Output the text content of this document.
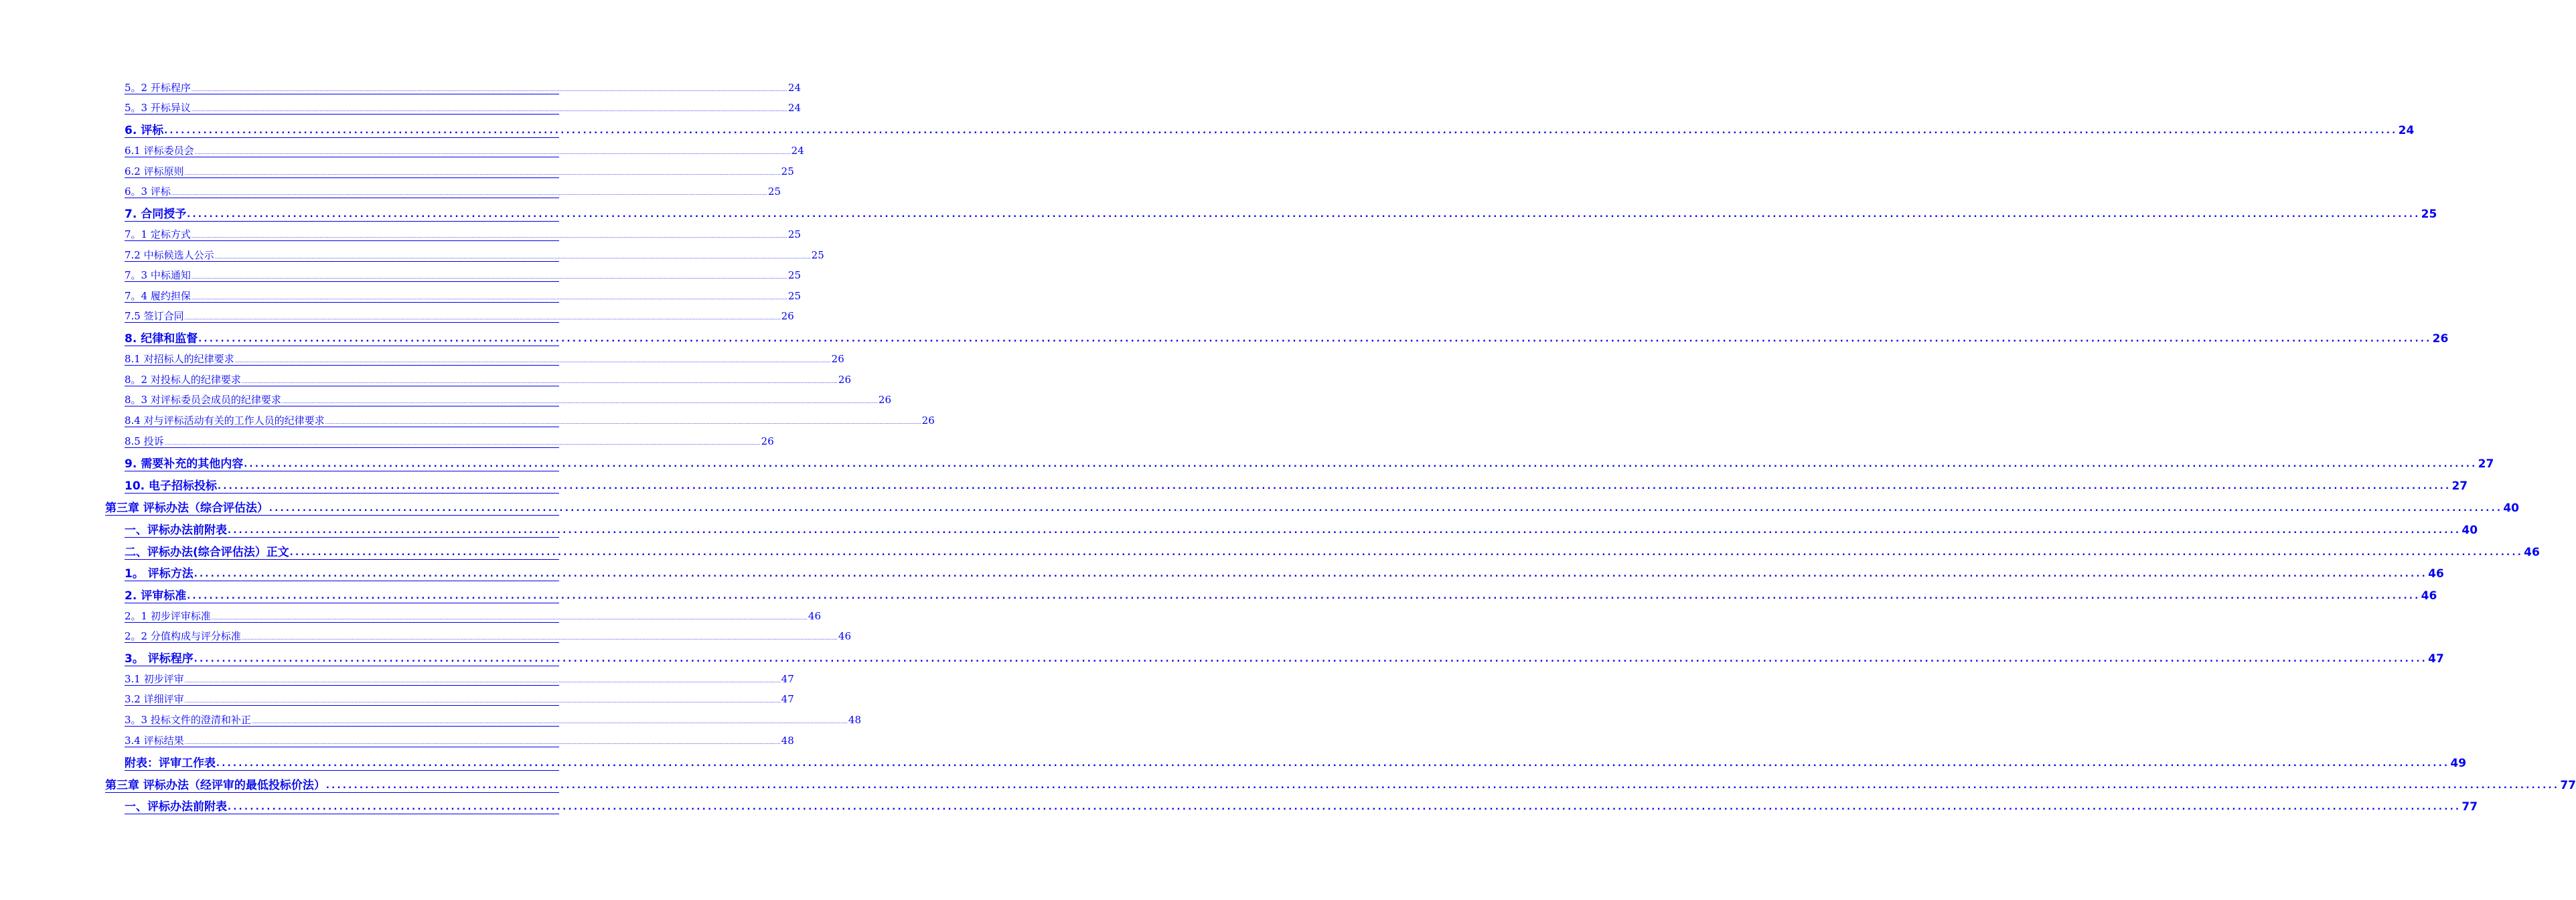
5。2 开标程序 ................................................................................................................................................................................................................................................................................................................................................................................................................ 24
5。3 开标异议 ................................................................................................................................................................................................................................................................................................................................................................................................................ 24
6. 评标 ................................................................................................................................................................................................................................................................................................................................................................................................................ 24
6.1 评标委员会 ................................................................................................................................................................................................................................................................................................................................................................................................................ 24
6.2 评标原则 ................................................................................................................................................................................................................................................................................................................................................................................................................ 25
6。3 评标 ................................................................................................................................................................................................................................................................................................................................................................................................................ 25
7. 合同授予 ................................................................................................................................................................................................................................................................................................................................................................................................................ 25
7。1 定标方式 ................................................................................................................................................................................................................................................................................................................................................................................................................ 25
7.2 中标候选人公示 ................................................................................................................................................................................................................................................................................................................................................................................................................ 25
7。3 中标通知 ................................................................................................................................................................................................................................................................................................................................................................................................................ 25
7。4 履约担保 ................................................................................................................................................................................................................................................................................................................................................................................................................ 25
7.5 签订合同 ................................................................................................................................................................................................................................................................................................................................................................................................................ 26
8. 纪律和监督 ................................................................................................................................................................................................................................................................................................................................................................................................................ 26
8.1 对招标人的纪律要求 ................................................................................................................................................................................................................................................................................................................................................................................................................ 26
8。2 对投标人的纪律要求 ................................................................................................................................................................................................................................................................................................................................................................................................................ 26
8。3 对评标委员会成员的纪律要求 ................................................................................................................................................................................................................................................................................................................................................................................................................ 26
8.4 对与评标活动有关的工作人员的纪律要求 ................................................................................................................................................................................................................................................................................................................................................................................................................ 26
8.5 投诉 ................................................................................................................................................................................................................................................................................................................................................................................................................ 26
9. 需要补充的其他内容 ................................................................................................................................................................................................................................................................................................................................................................................................................ 27
10. 电子招标投标 ................................................................................................................................................................................................................................................................................................................................................................................................................ 27
第三章 评标办法（综合评估法） ................................................................................................................................................................................................................................................................................................................................................................................................................ 40
一、评标办法前附表 ................................................................................................................................................................................................................................................................................................................................................................................................................ 40
二、评标办法(综合评估法）正文 ................................................................................................................................................................................................................................................................................................................................................................................................................ 46
1。 评标方法 ................................................................................................................................................................................................................................................................................................................................................................................................................ 46
2. 评审标准 ................................................................................................................................................................................................................................................................................................................................................................................................................ 46
2。1 初步评审标准 ................................................................................................................................................................................................................................................................................................................................................................................................................ 46
2。2 分值构成与评分标准 ................................................................................................................................................................................................................................................................................................................................................................................................................ 46
3。 评标程序 ................................................................................................................................................................................................................................................................................................................................................................................................................ 47
3.1 初步评审 ................................................................................................................................................................................................................................................................................................................................................................................................................ 47
3.2 详细评审 ................................................................................................................................................................................................................................................................................................................................................................................................................ 47
3。3 投标文件的澄清和补正 ................................................................................................................................................................................................................................................................................................................................................................................................................ 48
3.4 评标结果 ................................................................................................................................................................................................................................................................................................................................................................................................................ 48
附表：评审工作表 ................................................................................................................................................................................................................................................................................................................................................................................................................ 49
第三章 评标办法（经评审的最低投标价法） ................................................................................................................................................................................................................................................................................................................................................................................................................ 77
一、评标办法前附表 ................................................................................................................................................................................................................................................................................................................................................................................................................ 77
